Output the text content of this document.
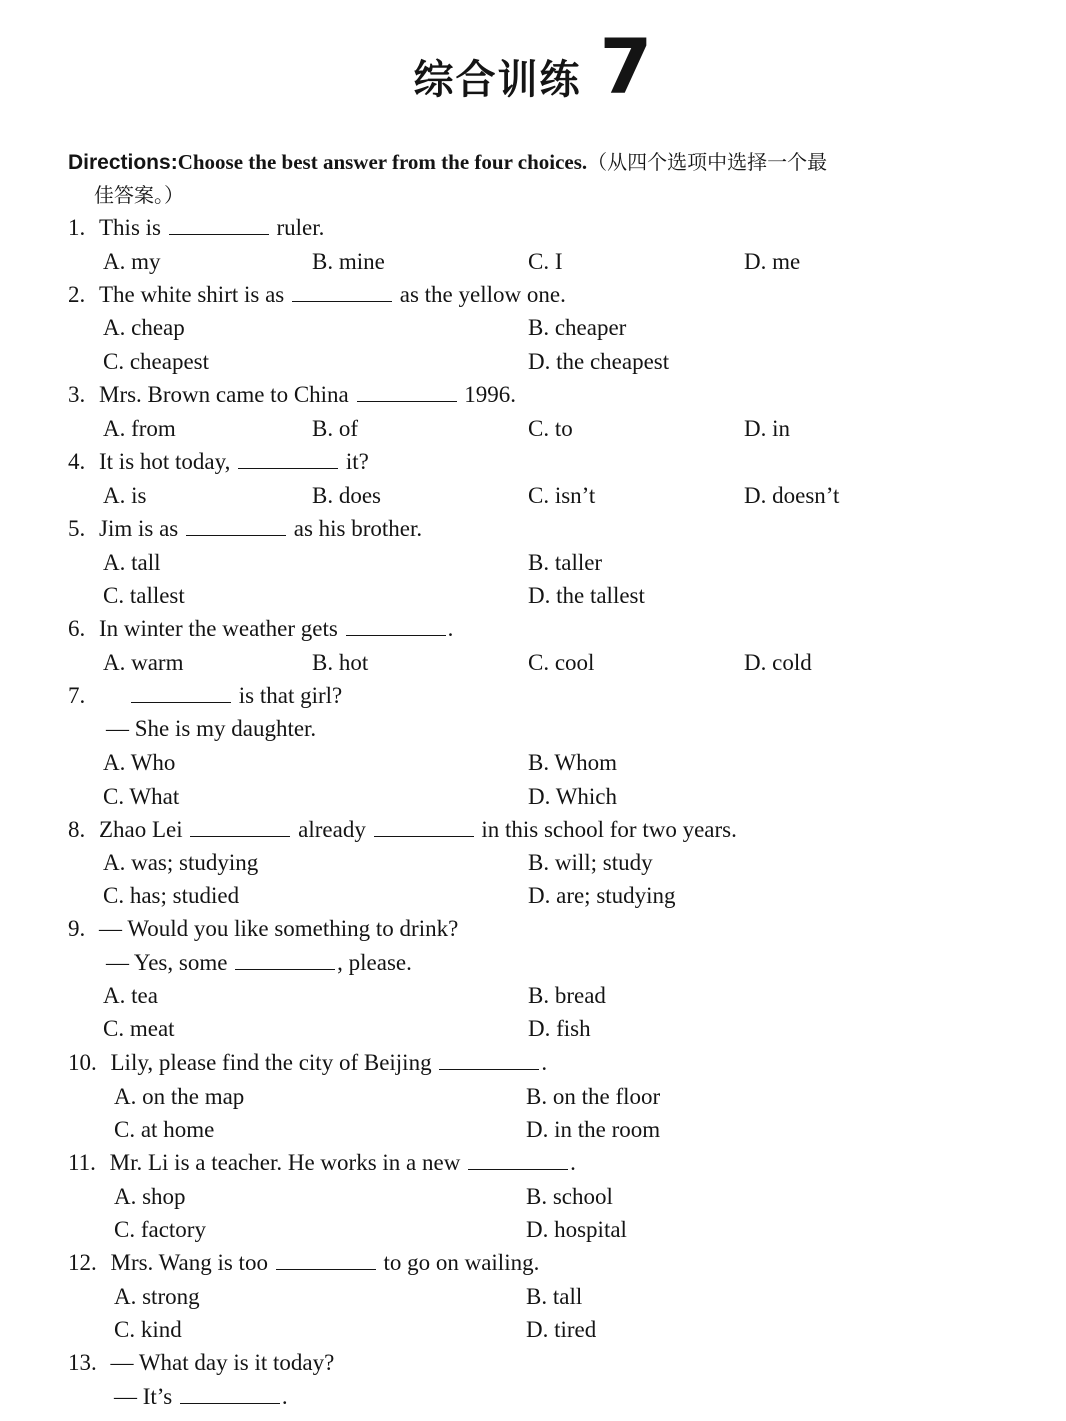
综合训练 7
Directions:Choose the best answer from the four choices.（从四个选项中选择一个最
佳答案。）
1. This is	ruler.
A. my	B. mine	C. I	D. me
2. The white shirt is as	as the yellow one.
A. cheap	B. cheaper
C. cheapest	D. the cheapest
3. Mrs. Brown came to China	1996.
A. from	B. of	C. to	D. in
4. It is hot today,	it?
A. is	B. does	C. isn’t	D. doesn’t
5. Jim is as	as his brother.
A. tall	B. taller
C. tallest	D. the tallest
6. In winter the weather gets	.
A. warm	B. hot	C. cool	D. cold
7.	is that girl?
— She is my daughter.
A. Who	B. Whom
C. What	D. Which
8. Zhao Lei	already	in this school for two years.
A. was; studying	B. will; study
C. has; studied	D. are; studying
9. — Would you like something to drink?
— Yes, some	, please.
A. tea	B. bread
C. meat	D. fish
10. Lily, please find the city of Beijing	.
A. on the map	B. on the floor
C. at home	D. in the room
11. Mr. Li is a teacher. He works in a new	.
A. shop	B. school
C. factory	D. hospital
12. Mrs. Wang is too	to go on wailing.
A. strong	B. tall
C. kind	D. tired
13. — What day is it today?
— It’s	.
